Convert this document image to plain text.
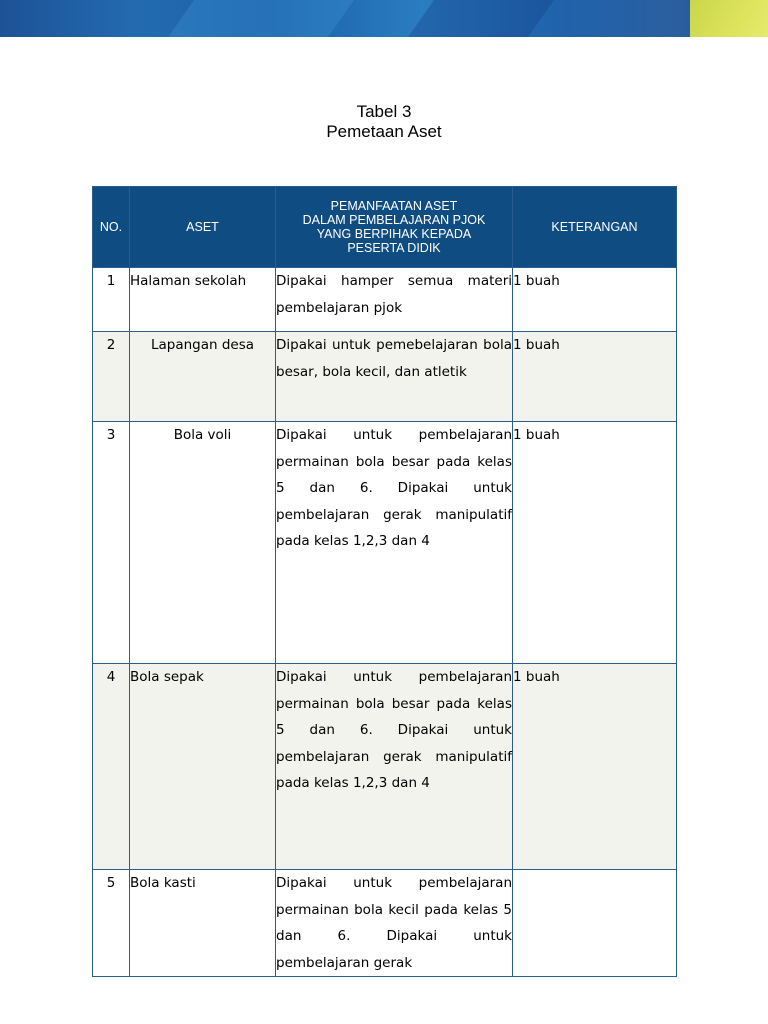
Tabel 3
Pemetaan Aset
NO.	ASET	PEMANFAATAN ASET
DALAM PEMBELAJARAN PJOK
YANG BERPIHAK KEPADA
PESERTA DIDIK	KETERANGAN
1	Halaman sekolah	Dipakai hamper semua materi pembelajaran pjok	1 buah
2	Lapangan desa	Dipakai untuk pemebelajaran bola besar, bola kecil, dan atletik	1 buah
3	Bola voli	Dipakai untuk pembelajaran permainan bola besar pada kelas 5 dan 6. Dipakai untuk pembelajaran gerak manipulatif pada kelas 1,2,3 dan 4	1 buah
4	Bola sepak	Dipakai untuk pembelajaran permainan bola besar pada kelas 5 dan 6. Dipakai untuk pembelajaran gerak manipulatif pada kelas 1,2,3 dan 4	1 buah
5	Bola kasti	Dipakai untuk pembelajaran permainan bola kecil pada kelas 5 dan 6. Dipakai untuk pembelajaran gerak	
